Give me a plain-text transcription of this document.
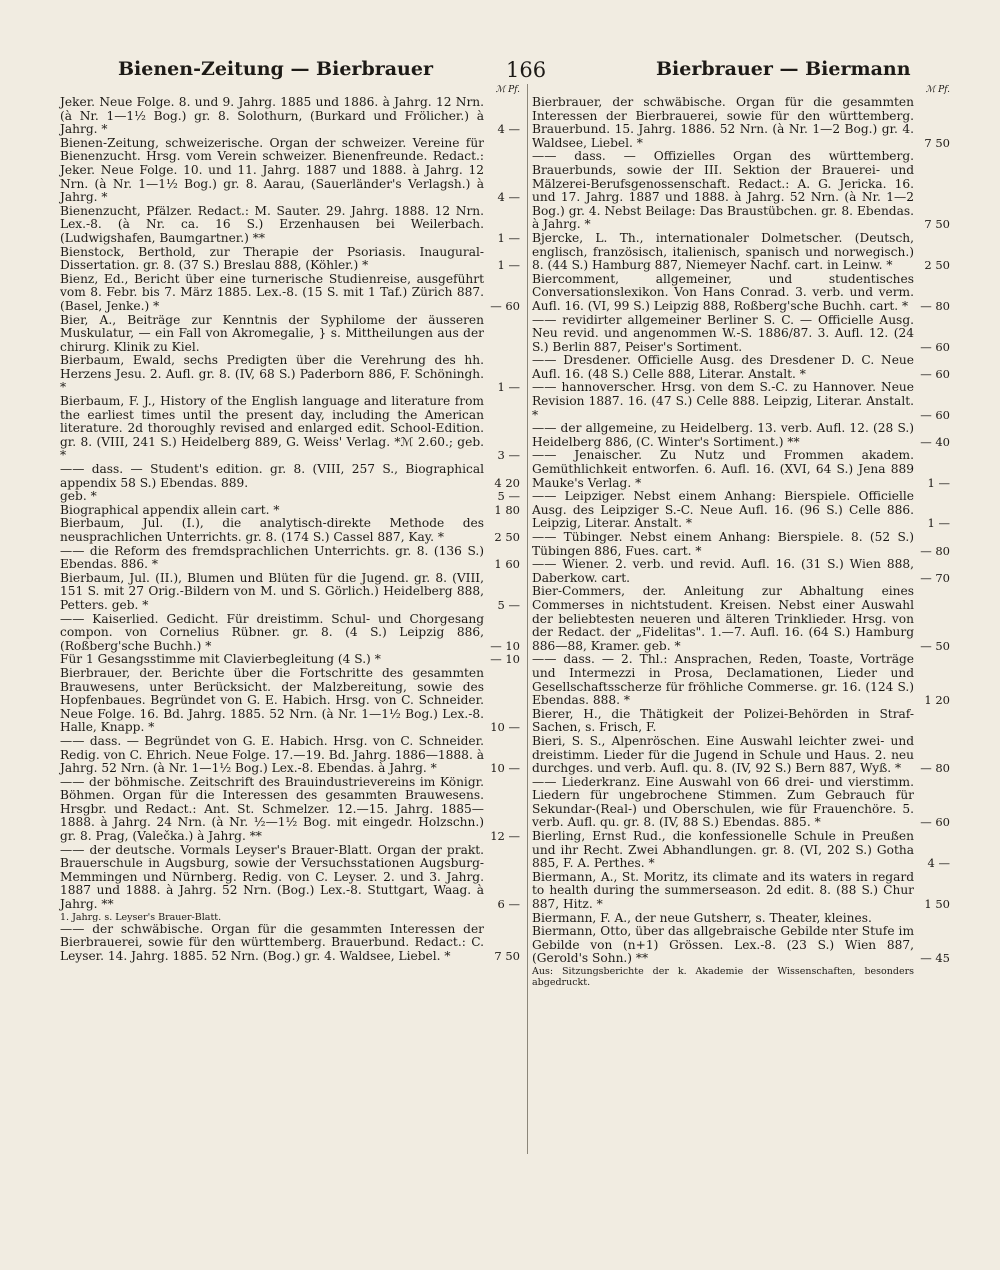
Bienen-Zeitung — Bierbrauer	166	Bierbrauer — Biermann
ℳ Pf.
Jeker. Neue Folge. 8. und 9. Jahrg. 1885 und 1886. à Jahrg. 12 Nrn. (à Nr. 1—1½ Bog.) gr. 8. Solothurn, (Burkard und Frölicher.) à Jahrg. *	4 —
Bienen-Zeitung, schweizerische. Organ der schweizer. Vereine für Bienenzucht. Hrsg. vom Verein schweizer. Bienenfreunde. Redact.: Jeker. Neue Folge. 10. und 11. Jahrg. 1887 und 1888. à Jahrg. 12 Nrn. (à Nr. 1—1½ Bog.) gr. 8. Aarau, (Sauerländer's Verlagsh.) à Jahrg. *	4 —
Bienenzucht, Pfälzer. Redact.: M. Sauter. 29. Jahrg. 1888. 12 Nrn. Lex.-8. (à Nr. ca. 16 S.) Erzenhausen bei Weilerbach. (Ludwigshafen, Baumgartner.) **	1 —
Bienstock, Berthold, zur Therapie der Psoriasis. Inaugural-Dissertation. gr. 8. (37 S.) Breslau 888, (Köhler.) *	1 —
Bienz, Ed., Bericht über eine turnerische Studienreise, ausgeführt vom 8. Febr. bis 7. März 1885. Lex.-8. (15 S. mit 1 Taf.) Zürich 887. (Basel, Jenke.) *	— 60
Bier, A., Beiträge zur Kenntnis der Syphilome der äusseren Muskulatur, — ein Fall von Akromegalie, } s. Mittheilungen aus der chirurg. Klinik zu Kiel.
Bierbaum, Ewald, sechs Predigten über die Verehrung des hh. Herzens Jesu. 2. Aufl. gr. 8. (IV, 68 S.) Paderborn 886, F. Schöningh. *	1 —
Bierbaum, F. J., History of the English language and literature from the earliest times until the present day, including the American literature. 2d thoroughly revised and enlarged edit. School-Edition. gr. 8. (VIII, 241 S.) Heidelberg 889, G. Weiss' Verlag. *ℳ 2.60.; geb. *	3 —
—— dass. — Student's edition. gr. 8. (VIII, 257 S., Biographical appendix 58 S.) Ebendas. 889.	4 20
geb. *	5 —
Biographical appendix allein cart. *	1 80
Bierbaum, Jul. (I.), die analytisch-direkte Methode des neusprachlichen Unterrichts. gr. 8. (174 S.) Cassel 887, Kay. *	2 50
—— die Reform des fremdsprachlichen Unterrichts. gr. 8. (136 S.) Ebendas. 886. *	1 60
Bierbaum, Jul. (II.), Blumen und Blüten für die Jugend. gr. 8. (VIII, 151 S. mit 27 Orig.-Bildern von M. und S. Görlich.) Heidelberg 888, Petters. geb. *	5 —
—— Kaiserlied. Gedicht. Für dreistimm. Schul- und Chorgesang compon. von Cornelius Rübner. gr. 8. (4 S.) Leipzig 886, (Roßberg'sche Buchh.) *	— 10
Für 1 Gesangsstimme mit Clavierbegleitung (4 S.) *	— 10
Bierbrauer, der. Berichte über die Fortschritte des gesammten Brauwesens, unter Berücksicht. der Malzbereitung, sowie des Hopfenbaues. Begründet von G. E. Habich. Hrsg. von C. Schneider. Neue Folge. 16. Bd. Jahrg. 1885. 52 Nrn. (à Nr. 1—1½ Bog.) Lex.-8. Halle, Knapp. *	10 —
—— dass. — Begründet von G. E. Habich. Hrsg. von C. Schneider. Redig. von C. Ehrich. Neue Folge. 17.—19. Bd. Jahrg. 1886—1888. à Jahrg. 52 Nrn. (à Nr. 1—1½ Bog.) Lex.-8. Ebendas. à Jahrg. *	10 —
—— der böhmische. Zeitschrift des Brauindustrievereins im Königr. Böhmen. Organ für die Interessen des gesammten Brauwesens. Hrsgbr. und Redact.: Ant. St. Schmelzer. 12.—15. Jahrg. 1885—1888. à Jahrg. 24 Nrn. (à Nr. ½—1½ Bog. mit eingedr. Holzschn.) gr. 8. Prag, (Valečka.) à Jahrg. **	12 —
—— der deutsche. Vormals Leyser's Brauer-Blatt. Organ der prakt. Brauerschule in Augsburg, sowie der Versuchsstationen Augsburg-Memmingen und Nürnberg. Redig. von C. Leyser. 2. und 3. Jahrg. 1887 und 1888. à Jahrg. 52 Nrn. (Bog.) Lex.-8. Stuttgart, Waag. à Jahrg. **	6 —
1. Jahrg. s. Leyser's Brauer-Blatt.
—— der schwäbische. Organ für die gesammten Interessen der Bierbrauerei, sowie für den württemberg. Brauerbund. Redact.: C. Leyser. 14. Jahrg. 1885. 52 Nrn. (Bog.) gr. 4. Waldsee, Liebel. *	7 50
ℳ Pf.
Bierbrauer, der schwäbische. Organ für die gesammten Interessen der Bierbrauerei, sowie für den württemberg. Brauerbund. 15. Jahrg. 1886. 52 Nrn. (à Nr. 1—2 Bog.) gr. 4. Waldsee, Liebel. *	7 50
—— dass. — Offizielles Organ des württemberg. Brauerbunds, sowie der III. Sektion der Brauerei- und Mälzerei-Berufsgenossenschaft. Redact.: A. G. Jericka. 16. und 17. Jahrg. 1887 und 1888. à Jahrg. 52 Nrn. (à Nr. 1—2 Bog.) gr. 4. Nebst Beilage: Das Braustübchen. gr. 8. Ebendas. à Jahrg. *	7 50
Bjercke, L. Th., internationaler Dolmetscher. (Deutsch, englisch, französisch, italienisch, spanisch und norwegisch.) 8. (44 S.) Hamburg 887, Niemeyer Nachf. cart. in Leinw. *	2 50
Biercomment, allgemeiner, und studentisches Conversationslexikon. Von Hans Conrad. 3. verb. und verm. Aufl. 16. (VI, 99 S.) Leipzig 888, Roßberg'sche Buchh. cart. *	— 80
—— revidirter allgemeiner Berliner S. C. — Officielle Ausg. Neu revid. und angenommen W.-S. 1886/87. 3. Aufl. 12. (24 S.) Berlin 887, Peiser's Sortiment.	— 60
—— Dresdener. Officielle Ausg. des Dresdener D. C. Neue Aufl. 16. (48 S.) Celle 888, Literar. Anstalt. *	— 60
—— hannoverscher. Hrsg. von dem S.-C. zu Hannover. Neue Revision 1887. 16. (47 S.) Celle 888. Leipzig, Literar. Anstalt. *	— 60
—— der allgemeine, zu Heidelberg. 13. verb. Aufl. 12. (28 S.) Heidelberg 886, (C. Winter's Sortiment.) **	— 40
—— Jenaischer. Zu Nutz und Frommen akadem. Gemüthlichkeit entworfen. 6. Aufl. 16. (XVI, 64 S.) Jena 889 Mauke's Verlag. *	1 —
—— Leipziger. Nebst einem Anhang: Bierspiele. Officielle Ausg. des Leipziger S.-C. Neue Aufl. 16. (96 S.) Celle 886. Leipzig, Literar. Anstalt. *	1 —
—— Tübinger. Nebst einem Anhang: Bierspiele. 8. (52 S.) Tübingen 886, Fues. cart. *	— 80
—— Wiener. 2. verb. und revid. Aufl. 16. (31 S.) Wien 888, Daberkow. cart.	— 70
Bier-Commers, der. Anleitung zur Abhaltung eines Commerses in nichtstudent. Kreisen. Nebst einer Auswahl der beliebtesten neueren und älteren Trinklieder. Hrsg. von der Redact. der „Fidelitas". 1.—7. Aufl. 16. (64 S.) Hamburg 886—88, Kramer. geb. *	— 50
—— dass. — 2. Thl.: Ansprachen, Reden, Toaste, Vorträge und Intermezzi in Prosa, Declamationen, Lieder und Gesellschaftsscherze für fröhliche Commerse. gr. 16. (124 S.) Ebendas. 888. *	1 20
Bierer, H., die Thätigkeit der Polizei-Behörden in Straf-Sachen, s. Frisch, F.
Bieri, S. S., Alpenröschen. Eine Auswahl leichter zwei- und dreistimm. Lieder für die Jugend in Schule und Haus. 2. neu durchges. und verb. Aufl. qu. 8. (IV, 92 S.) Bern 887, Wyß. *	— 80
—— Liederkranz. Eine Auswahl von 66 drei- und vierstimm. Liedern für ungebrochene Stimmen. Zum Gebrauch für Sekundar-(Real-) und Oberschulen, wie für Frauenchöre. 5. verb. Aufl. qu. gr. 8. (IV, 88 S.) Ebendas. 885. *	— 60
Bierling, Ernst Rud., die konfessionelle Schule in Preußen und ihr Recht. Zwei Abhandlungen. gr. 8. (VI, 202 S.) Gotha 885, F. A. Perthes. *	4 —
Biermann, A., St. Moritz, its climate and its waters in regard to health during the summerseason. 2d edit. 8. (88 S.) Chur 887, Hitz. *	1 50
Biermann, F. A., der neue Gutsherr, s. Theater, kleines.
Biermann, Otto, über das allgebraische Gebilde nter Stufe im Gebilde von (n+1) Grössen. Lex.-8. (23 S.) Wien 887, (Gerold's Sohn.) **	— 45
Aus: Sitzungsberichte der k. Akademie der Wissenschaften, besonders abgedruckt.
